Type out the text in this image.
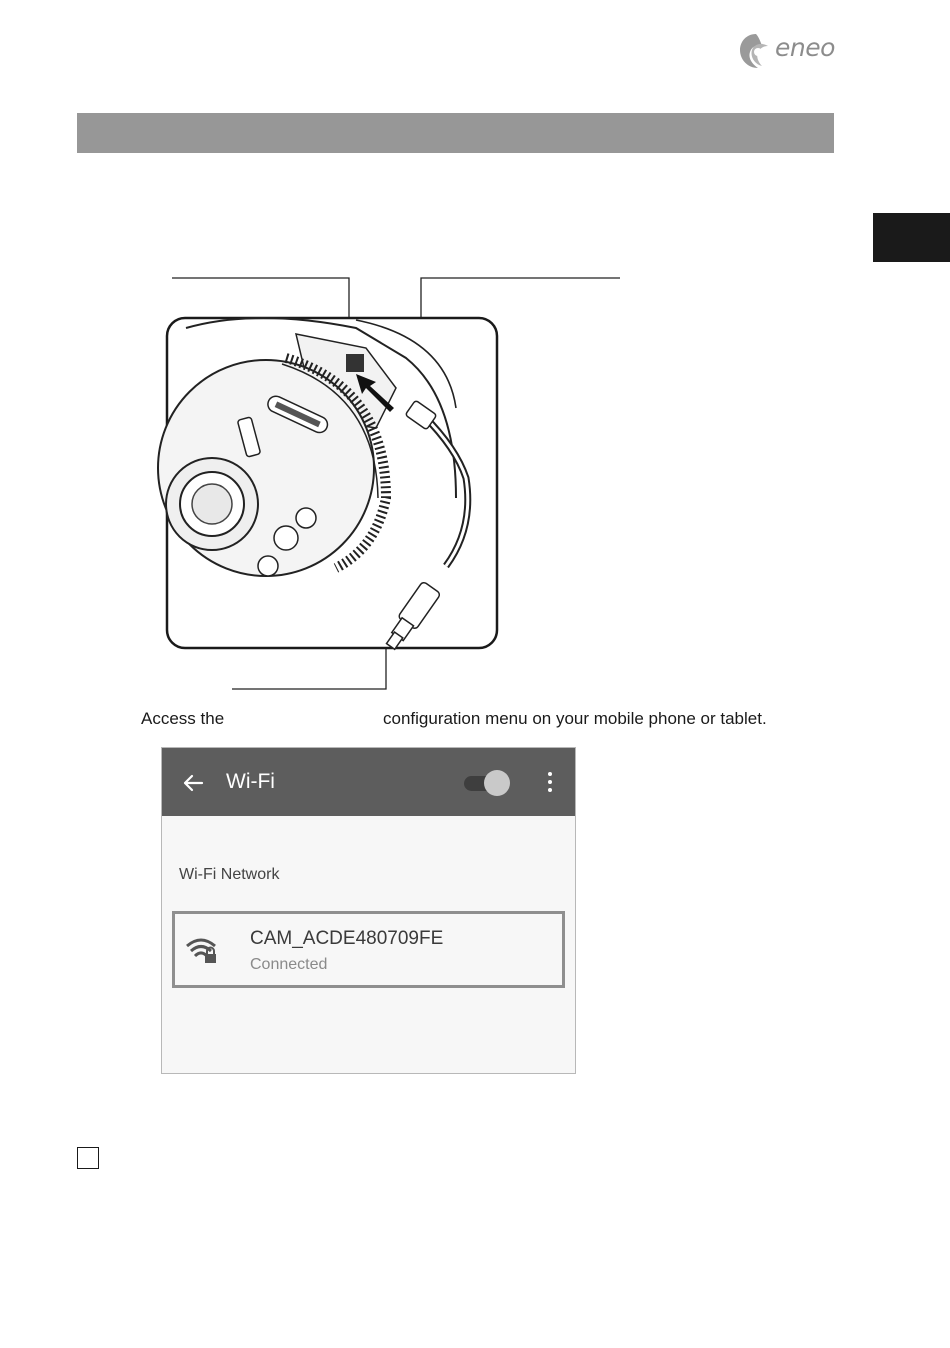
eneo
Access the	configuration menu on your mobile phone or tablet.
Wi-Fi
Wi-Fi Network
CAM_ACDE480709FE
Connected
